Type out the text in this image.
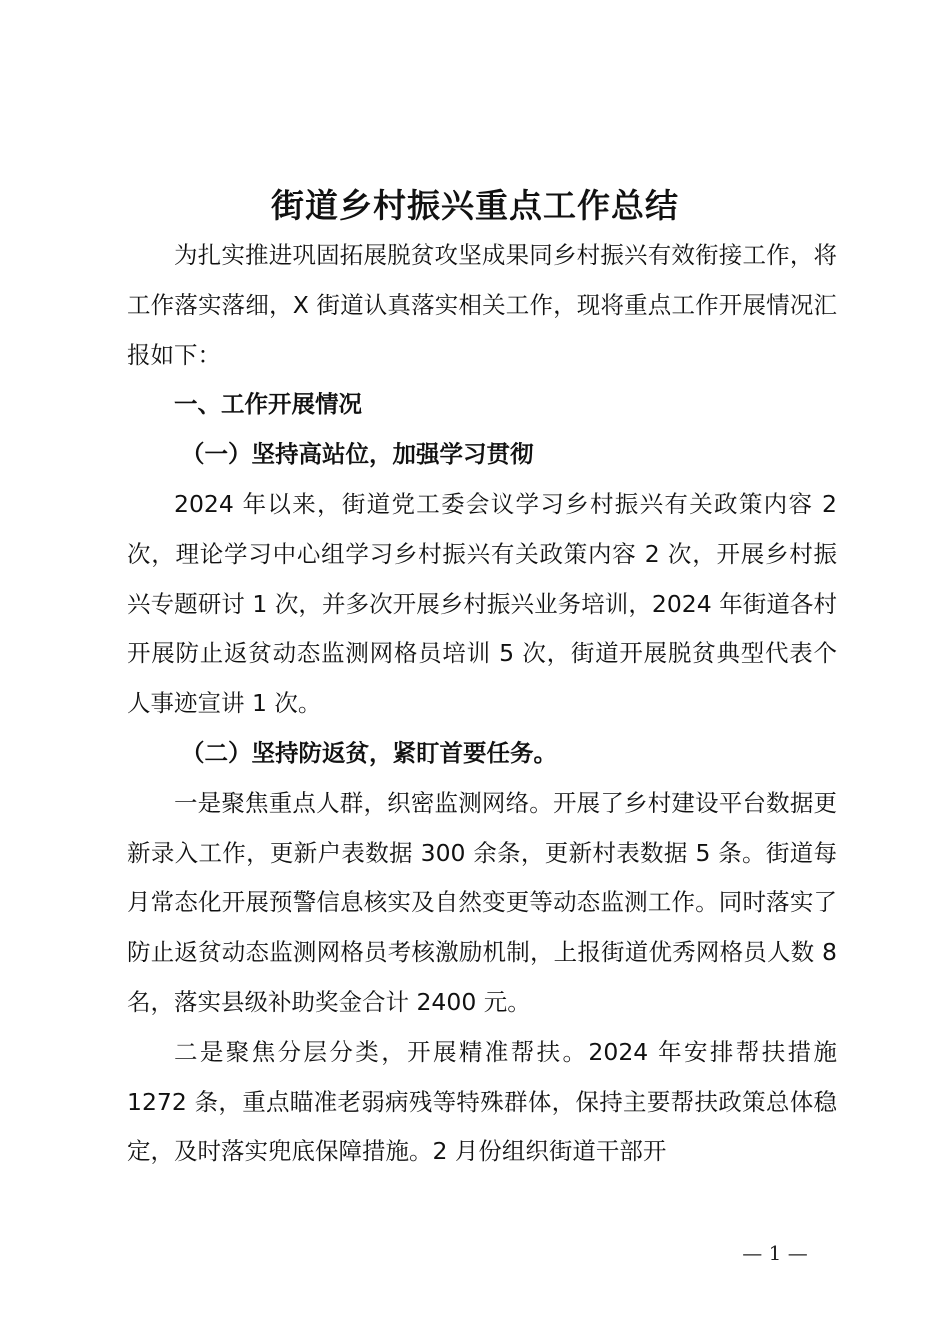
街道乡村振兴重点工作总结

为扎实推进巩固拓展脱贫攻坚成果同乡村振兴有效衔接工作，将工作落实落细，X 街道认真落实相关工作，现将重点工作开展情况汇报如下：

一、工作开展情况

（一）坚持高站位，加强学习贯彻

2024 年以来，街道党工委会议学习乡村振兴有关政策内容 2 次，理论学习中心组学习乡村振兴有关政策内容 2 次，开展乡村振兴专题研讨 1 次，并多次开展乡村振兴业务培训，2024 年街道各村开展防止返贫动态监测网格员培训 5 次，街道开展脱贫典型代表个人事迹宣讲 1 次。

（二）坚持防返贫，紧盯首要任务。

一是聚焦重点人群，织密监测网络。开展了乡村建设平台数据更新录入工作，更新户表数据 300 余条，更新村表数据 5 条。街道每月常态化开展预警信息核实及自然变更等动态监测工作。同时落实了防止返贫动态监测网格员考核激励机制，上报街道优秀网格员人数 8 名，落实县级补助奖金合计 2400 元。

二是聚焦分层分类，开展精准帮扶。2024 年安排帮扶措施 1272 条，重点瞄准老弱病残等特殊群体，保持主要帮扶政策总体稳定，及时落实兜底保障措施。2 月份组织街道干部开

— 1 —
